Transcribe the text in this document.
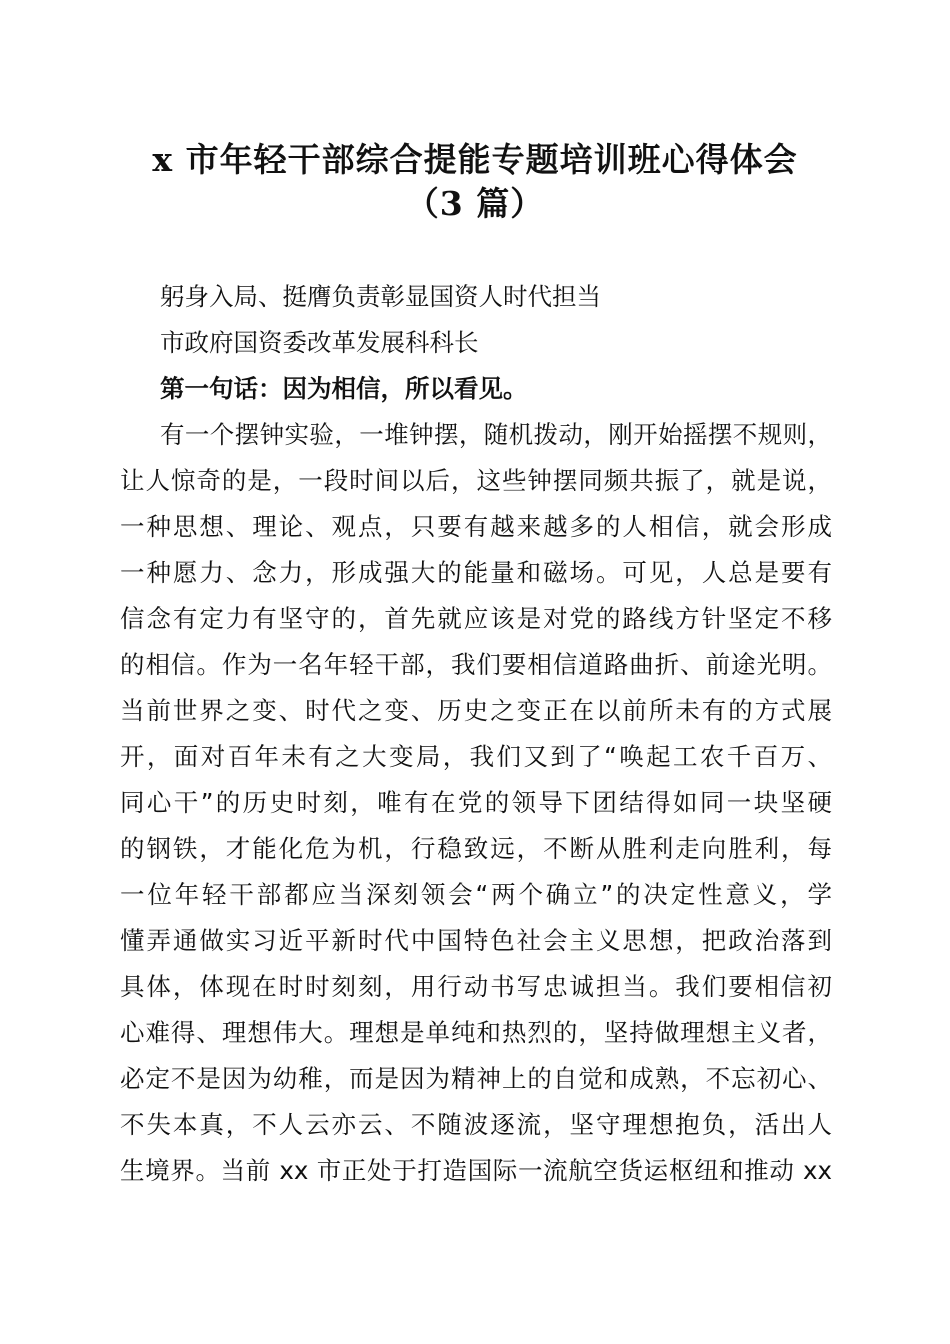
x 市年轻干部综合提能专题培训班心得体会
（3 篇）
躬身入局、挺膺负责彰显国资人时代担当
市政府国资委改革发展科科长
第一句话：因为相信，所以看见。
有一个摆钟实验，一堆钟摆，随机拨动，刚开始摇摆不规则，
让人惊奇的是，一段时间以后，这些钟摆同频共振了，就是说，
一种思想、理论、观点，只要有越来越多的人相信，就会形成
一种愿力、念力，形成强大的能量和磁场。可见，人总是要有
信念有定力有坚守的，首先就应该是对党的路线方针坚定不移
的相信。作为一名年轻干部，我们要相信道路曲折、前途光明。
当前世界之变、时代之变、历史之变正在以前所未有的方式展
开，面对百年未有之大变局，我们又到了“唤起工农千百万、
同心干”的历史时刻，唯有在党的领导下团结得如同一块坚硬
的钢铁，才能化危为机，行稳致远，不断从胜利走向胜利，每
一位年轻干部都应当深刻领会“两个确立”的决定性意义，学
懂弄通做实习近平新时代中国特色社会主义思想，把政治落到
具体，体现在时时刻刻，用行动书写忠诚担当。我们要相信初
心难得、理想伟大。理想是单纯和热烈的，坚持做理想主义者，
必定不是因为幼稚，而是因为精神上的自觉和成熟，不忘初心、
不失本真，不人云亦云、不随波逐流，坚守理想抱负，活出人
生境界。当前 xx 市正处于打造国际一流航空货运枢纽和推动 xx
